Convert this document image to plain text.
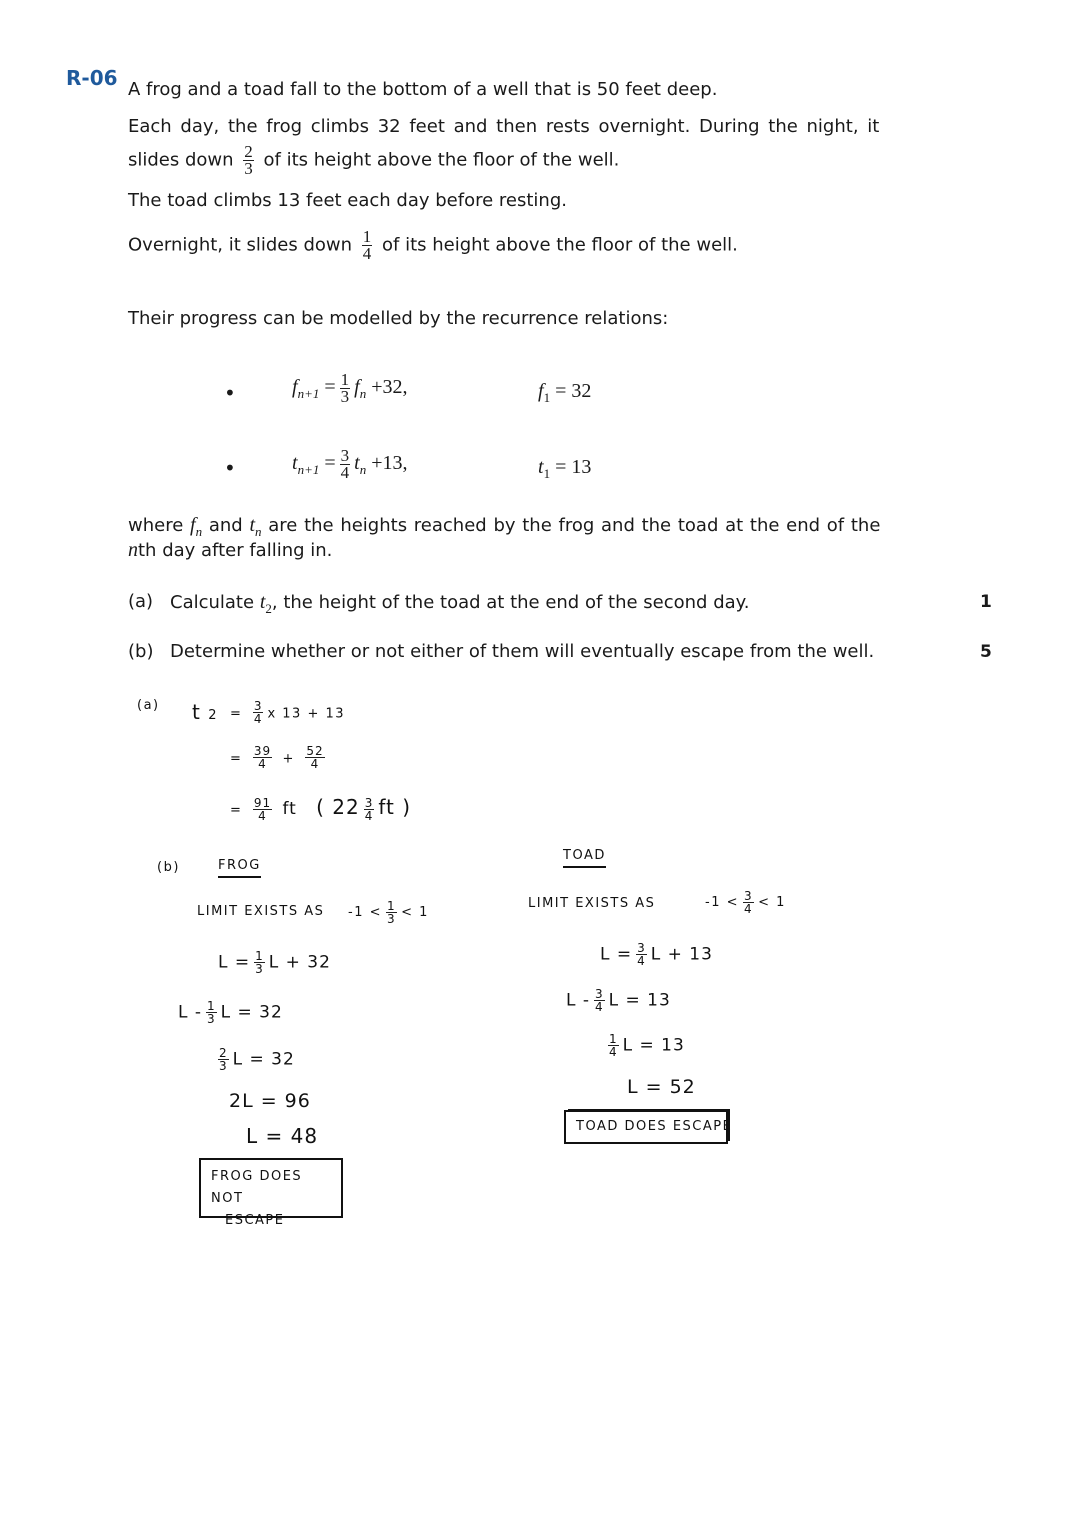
R-06 A frog and a toad fall to the bottom of a well that is 50 feet deep.
Each day, the frog climbs 32 feet and then rests overnight. During the night, it
slides down $\frac{2}{3}$ of its height above the floor of the well.
The toad climbs 13 feet each day before resting.
Overnight, it slides down $\frac{1}{4}$ of its height above the floor of the well.
Their progress can be modelled by the recurrence relations:
•	$f_{n+1} = \frac{1}{3} f_n +32$,	$f_1 = 32$
•	$t_{n+1} = \frac{3}{4} t_n +13$,	$t_1 = 13$
where $f_n$ and $t_n$ are the heights reached by the frog and the toad at the end of the
nth day after falling in.
(a) Calculate $t_2$, the height of the toad at the end of the second day.	1
(b) Determine whether or not either of them will eventually escape from the well.	5
(a) t $2 = \frac{3}{4}$ x 13 + 13
= $\frac{39}{4} + \frac{52}{4}$
= $\frac{91}{4}$ ft ( $22 \frac{3}{4}$ ft )
(b)	FROG
LIMIT EXISTS AS $-1 < \frac{1}{3} < 1$
$L = \frac{1}{3}$ L + 32
L - $\frac{1}{3}$ L = 32
$\frac{2}{3}$ L = 32
2L = 96
L = 48
FROG DOES NOT
ESCAPE
TOAD
LIMIT EXISTS AS	$-1 < \frac{3}{4} < 1$
$L = \frac{3}{4}$ L + 13
L - $\frac{3}{4}$ L = 13
$\frac{1}{4}$ L = 13
L = 52
TOAD DOES ESCAPE
